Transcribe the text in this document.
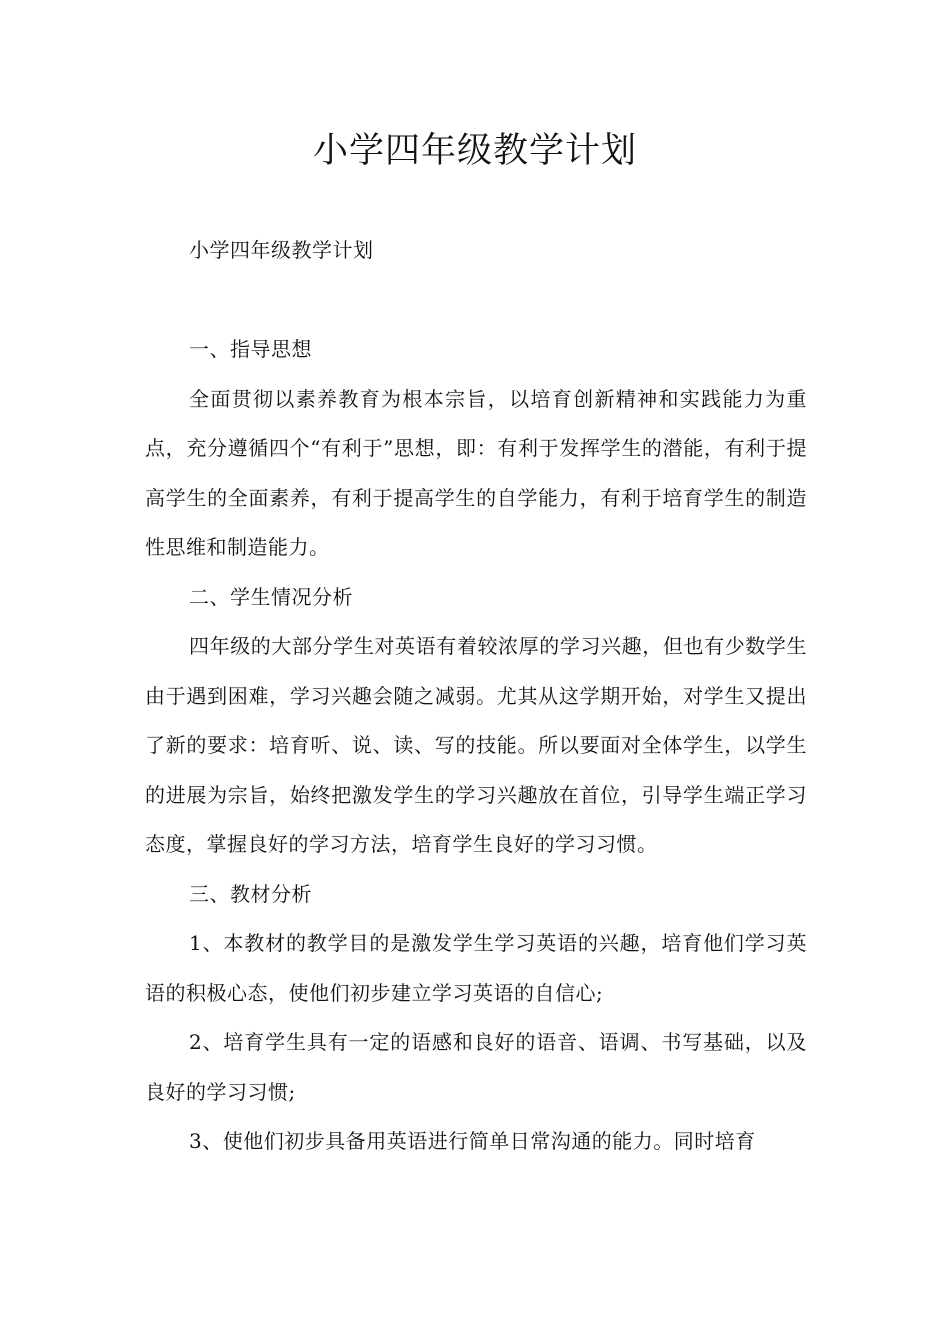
小学四年级教学计划

小学四年级教学计划

一、指导思想

全面贯彻以素养教育为根本宗旨，以培育创新精神和实践能力为重点，充分遵循四个“有利于”思想，即：有利于发挥学生的潜能，有利于提高学生的全面素养，有利于提高学生的自学能力，有利于培育学生的制造性思维和制造能力。

二、学生情况分析

四年级的大部分学生对英语有着较浓厚的学习兴趣，但也有少数学生由于遇到困难，学习兴趣会随之减弱。尤其从这学期开始，对学生又提出了新的要求：培育听、说、读、写的技能。所以要面对全体学生，以学生的进展为宗旨，始终把激发学生的学习兴趣放在首位，引导学生端正学习态度，掌握良好的学习方法，培育学生良好的学习习惯。

三、教材分析

1、本教材的教学目的是激发学生学习英语的兴趣，培育他们学习英语的积极心态，使他们初步建立学习英语的自信心;

2、培育学生具有一定的语感和良好的语音、语调、书写基础，以及良好的学习习惯;

3、使他们初步具备用英语进行简单日常沟通的能力。同时培育
